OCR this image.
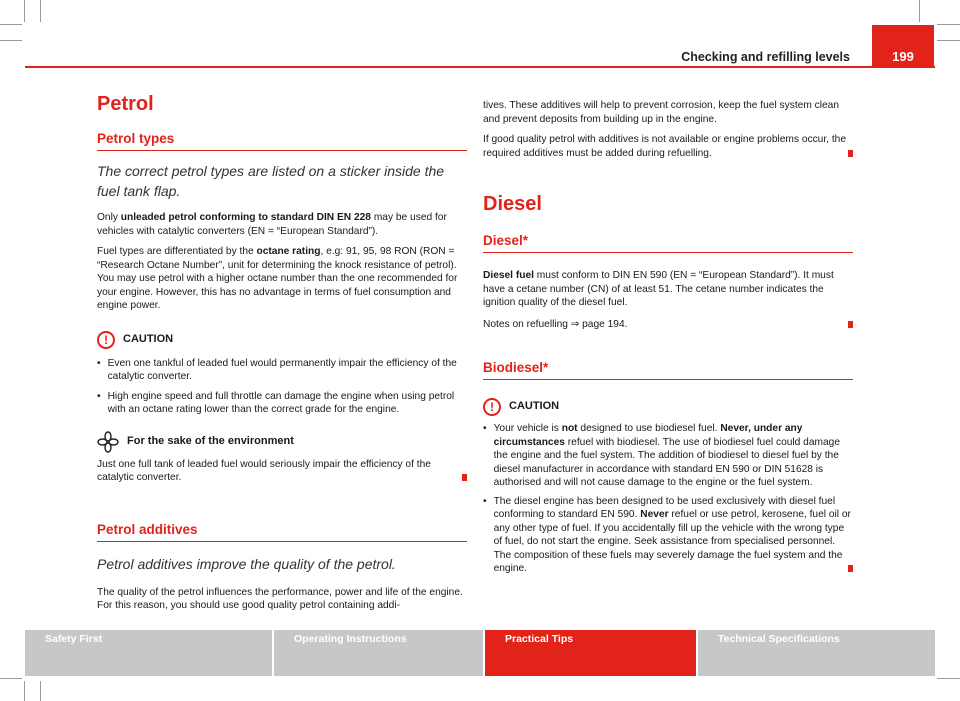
Checking and refilling levels	199
Petrol
Petrol types

The correct petrol types are listed on a sticker inside the fuel tank flap.

Only unleaded petrol conforming to standard DIN EN 228 may be used for vehicles with catalytic converters (EN = “European Standard”).

Fuel types are differentiated by the octane rating, e.g: 91, 95, 98 RON (RON = “Research Octane Number”, unit for determining the knock resistance of petrol). You may use petrol with a higher octane number than the one recommended for your engine. However, this has no advantage in terms of fuel consumption and engine power.

!	CAUTION
• Even one tankful of leaded fuel would permanently impair the efficiency of the catalytic converter.
• High engine speed and full throttle can damage the engine when using petrol with an octane rating lower than the correct grade for the engine.
For the sake of the environment

Just one full tank of leaded fuel would seriously impair the efficiency of the catalytic converter.

Petrol additives

Petrol additives improve the quality of the petrol.

The quality of the petrol influences the performance, power and life of the engine. For this reason, you should use good quality petrol containing addi-

tives. These additives will help to prevent corrosion, keep the fuel system clean and prevent deposits from building up in the engine.

If good quality petrol with additives is not available or engine problems occur, the required additives must be added during refuelling.

Diesel
Diesel*

Diesel fuel must conform to DIN EN 590 (EN = “European Standard”). It must have a cetane number (CN) of at least 51. The cetane number indicates the ignition quality of the diesel fuel.

Notes on refuelling ⇒ page 194.

Biodiesel*
!	CAUTION
• Your vehicle is not designed to use biodiesel fuel. Never, under any circumstances refuel with biodiesel. The use of biodiesel fuel could damage the engine and the fuel system. The addition of biodiesel to diesel fuel by the diesel manufacturer in accordance with standard EN 590 or DIN 51628 is authorised and will not cause damage to the engine or the fuel system.
• The diesel engine has been designed to be used exclusively with diesel fuel conforming to standard EN 590. Never refuel or use petrol, kerosene, fuel oil or any other type of fuel. If you accidentally fill up the vehicle with the wrong type of fuel, do not start the engine. Seek assistance from specialised personnel. The composition of these fuels may severely damage the fuel system and the engine.
Safety First	Operating Instructions	Practical Tips	Technical Specifications
